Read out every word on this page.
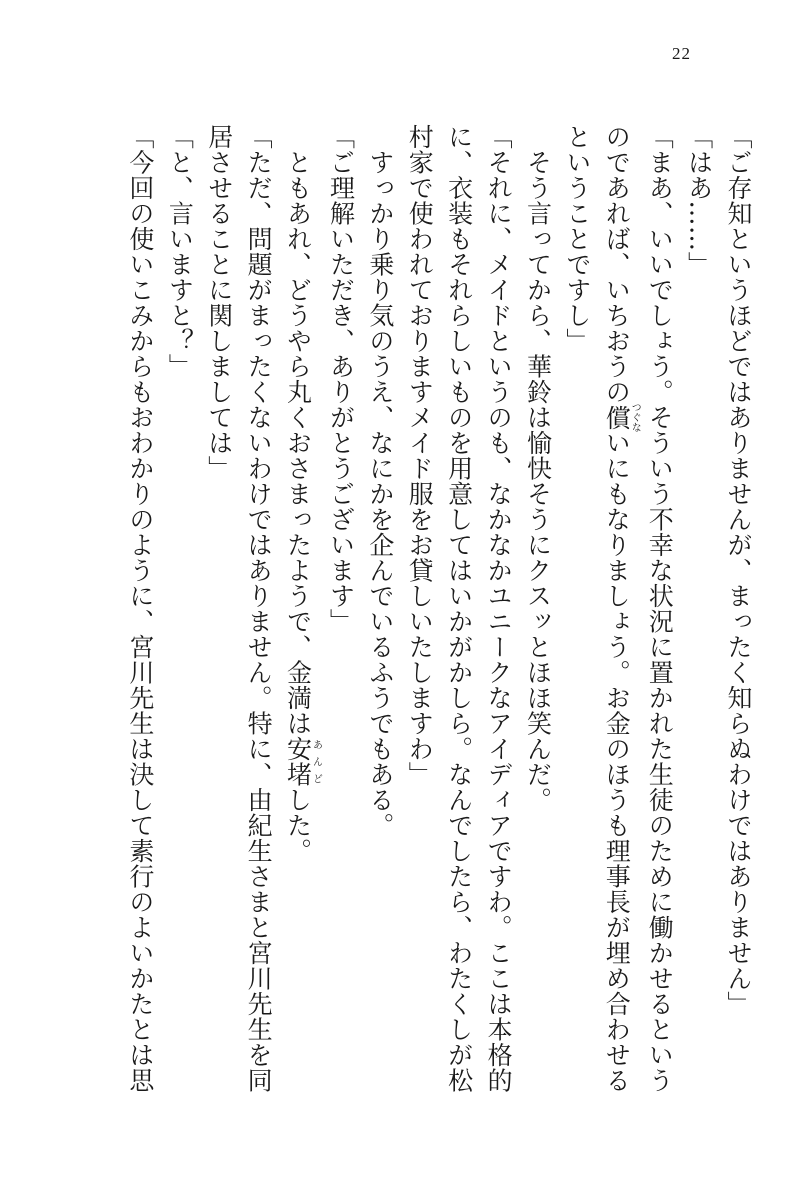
22
「ご存知というほどではありませんが、まったく知らぬわけではありません」
「はあ……」
「まあ、いいでしょう。そういう不幸な状況に置かれた生徒のために働かせるという
のであれば、いちおうの償つぐないにもなりましょう。お金のほうも理事長が埋め合わせる
ということですし」
　そう言ってから、華鈴は愉快そうにクスッとほほ笑んだ。
「それに、メイドというのも、なかなかユニークなアイディアですわ。ここは本格的
に、衣装もそれらしいものを用意してはいかがかしら。なんでしたら、わたくしが松
村家で使われておりますメイド服をお貸しいたしますわ」
　すっかり乗り気のうえ、なにかを企んでいるふうでもある。
「ご理解いただき、ありがとうございます」
　ともあれ、どうやら丸くおさまったようで、金満は安堵あんどした。
「ただ、問題がまったくないわけではありません。特に、由紀生さまと宮川先生を同
居させることに関しましては」
「と、言いますと？」
「今回の使いこみからもおわかりのように、宮川先生は決して素行のよいかたとは思
